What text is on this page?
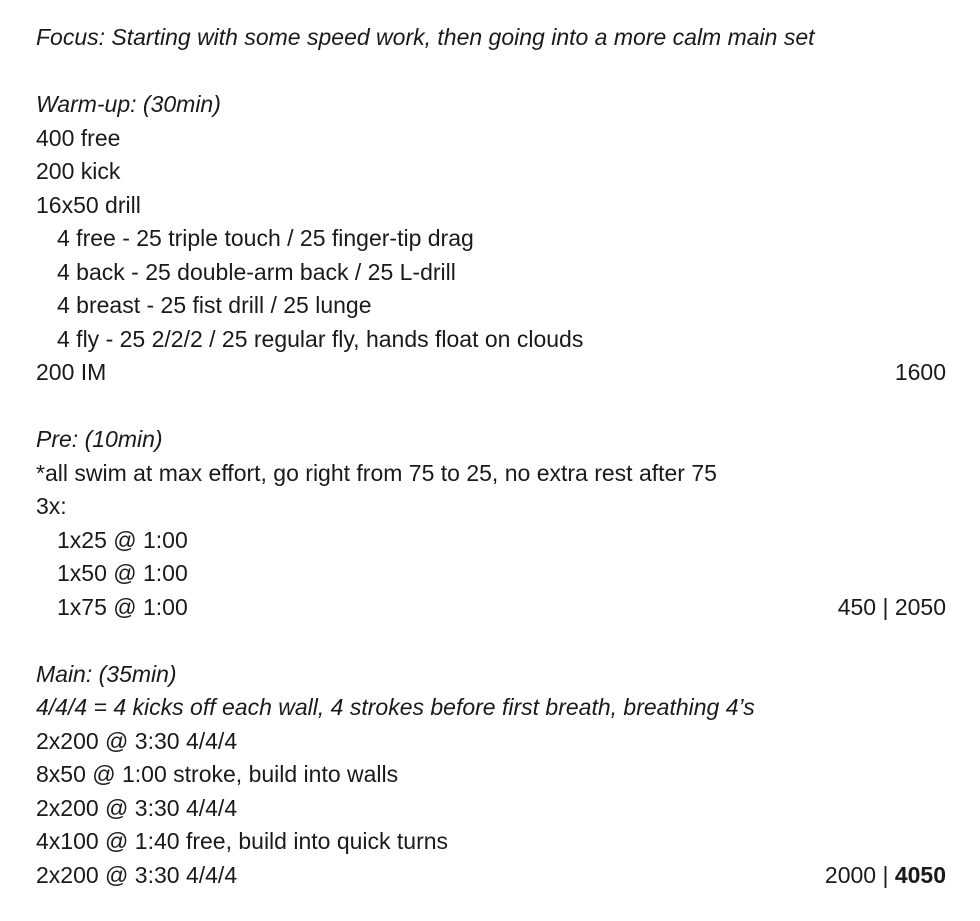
Focus: Starting with some speed work, then going into a more calm main set
Warm-up: (30min)
400 free
200 kick
16x50 drill
4 free - 25 triple touch / 25 finger-tip drag
4 back - 25 double-arm back / 25 L-drill
4 breast - 25 fist drill / 25 lunge
4 fly - 25 2/2/2 / 25 regular fly, hands float on clouds
200 IM	1600
Pre: (10min)
*all swim at max effort, go right from 75 to 25, no extra rest after 75
3x:
1x25 @ 1:00
1x50 @ 1:00
1x75 @ 1:00	450 | 2050
Main: (35min)
4/4/4 = 4 kicks off each wall, 4 strokes before first breath, breathing 4’s
2x200 @ 3:30 4/4/4
8x50 @ 1:00 stroke, build into walls
2x200 @ 3:30 4/4/4
4x100 @ 1:40 free, build into quick turns
2x200 @ 3:30 4/4/4	2000 | 4050
